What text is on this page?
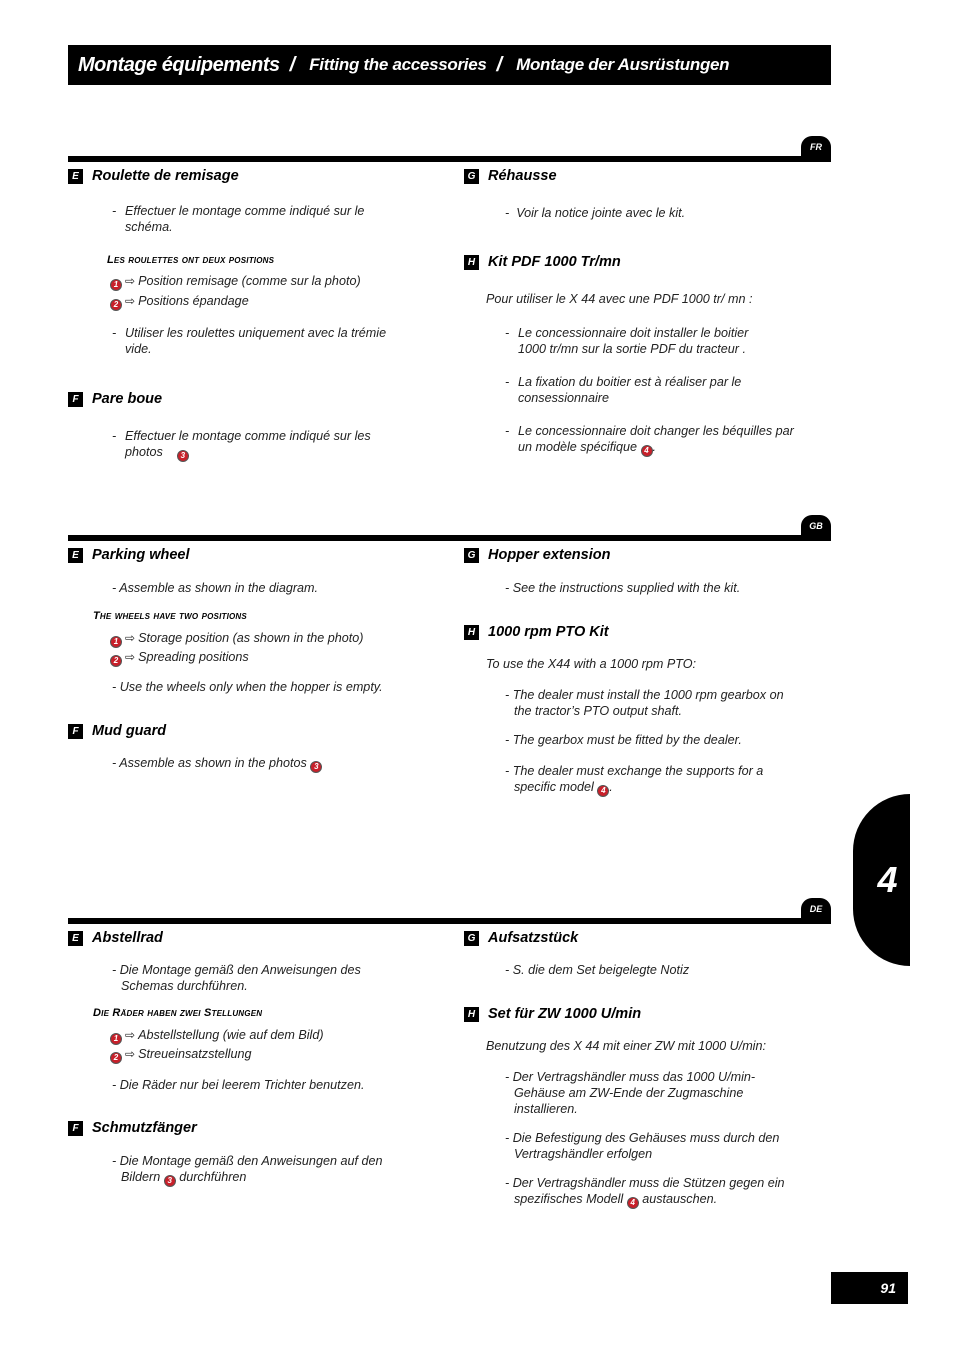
Montage équipements / Fitting the accessories / Montage der Ausrüstungen
FR
E Roulette de remisage
- Effectuer le montage comme indiqué sur le
schéma.
Les roulettes ont deux positions
1 ⇨ Position remisage (comme sur la photo)
2 ⇨ Positions épandage
- Utiliser les roulettes uniquement avec la trémie
vide.
F Pare boue
- Effectuer le montage comme indiqué sur les
photos 3
G Réhausse
-  Voir la notice jointe avec le kit.
H Kit PDF 1000 Tr/mn
Pour utiliser le X 44 avec une PDF 1000 tr/ mn :
- Le concessionnaire doit installer le boitier
1000 tr/mn sur la sortie PDF du tracteur .
- La fixation du boitier est à réaliser par le
consessionnaire
- Le concessionnaire doit changer les béquilles par
un modèle spécifique 4 .
GB
E Parking wheel
- Assemble as shown in the diagram.
The wheels have two positions
1 ⇨ Storage position (as shown in the photo)
2 ⇨ Spreading positions
- Use the wheels only when the hopper is empty.
F Mud guard
- Assemble as shown in the photos 3
G Hopper extension
- See the instructions supplied with the kit.
H 1000 rpm PTO Kit
To use the X44 with a 1000 rpm PTO:
- The dealer must install the 1000 rpm gearbox on
the tractor’s PTO output shaft.
- The gearbox must be fitted by the dealer.
- The dealer must exchange the supports for a
specific model 4 .
DE
E Abstellrad
- Die Montage gemäß den Anweisungen des
Schemas durchführen.
Die Räder haben zwei Stellungen
1 ⇨ Abstellstellung (wie auf dem Bild)
2 ⇨ Streueinsatzstellung
- Die Räder nur bei leerem Trichter benutzen.
F Schmutzfänger
- Die Montage gemäß den Anweisungen auf den
Bildern 3 durchführen
G Aufsatzstück
- S. die dem Set beigelegte Notiz
H Set für ZW 1000 U/min
Benutzung des X 44 mit einer ZW mit 1000 U/min:
- Der Vertragshändler muss das 1000 U/min-
Gehäuse am ZW-Ende der Zugmaschine
installieren.
- Die Befestigung des Gehäuses muss durch den
Vertragshändler erfolgen
- Der Vertragshändler muss die Stützen gegen ein
spezifisches Modell 4 austauschen.
4
91
